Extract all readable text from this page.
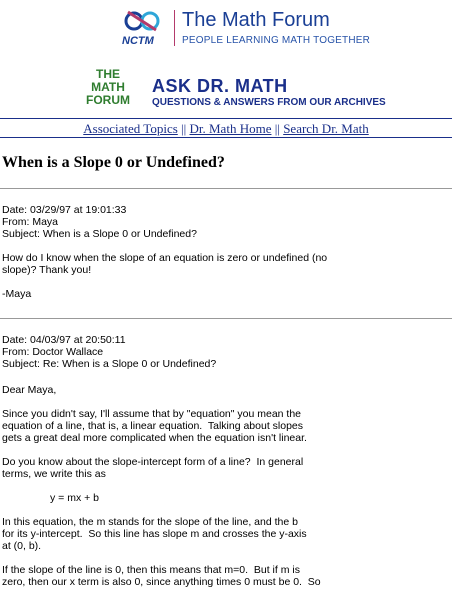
NCTM
The Math Forum
PEOPLE LEARNING MATH TOGETHER
THE
MATH
FORUM
ASK DR. MATH
QUESTIONS & ANSWERS FROM OUR ARCHIVES
Associated Topics || Dr. Math Home || Search Dr. Math
When is a Slope 0 or Undefined?
Date: 03/29/97 at 19:01:33
From: Maya
Subject: When is a Slope 0 or Undefined?
How do I know when the slope of an equation is zero or undefined (no
slope)? Thank you!
-Maya
Date: 04/03/97 at 20:50:11
From: Doctor Wallace
Subject: Re: When is a Slope 0 or Undefined?
Dear Maya,
Since you didn't say, I'll assume that by "equation" you mean the
equation of a line, that is, a linear equation.  Talking about slopes
gets a great deal more complicated when the equation isn't linear.
Do you know about the slope-intercept form of a line?  In general
terms, we write this as
y = mx + b
In this equation, the m stands for the slope of the line, and the b
for its y-intercept.  So this line has slope m and crosses the y-axis
at (0, b).
If the slope of the line is 0, then this means that m=0.  But if m is
zero, then our x term is also 0, since anything times 0 must be 0.  So
